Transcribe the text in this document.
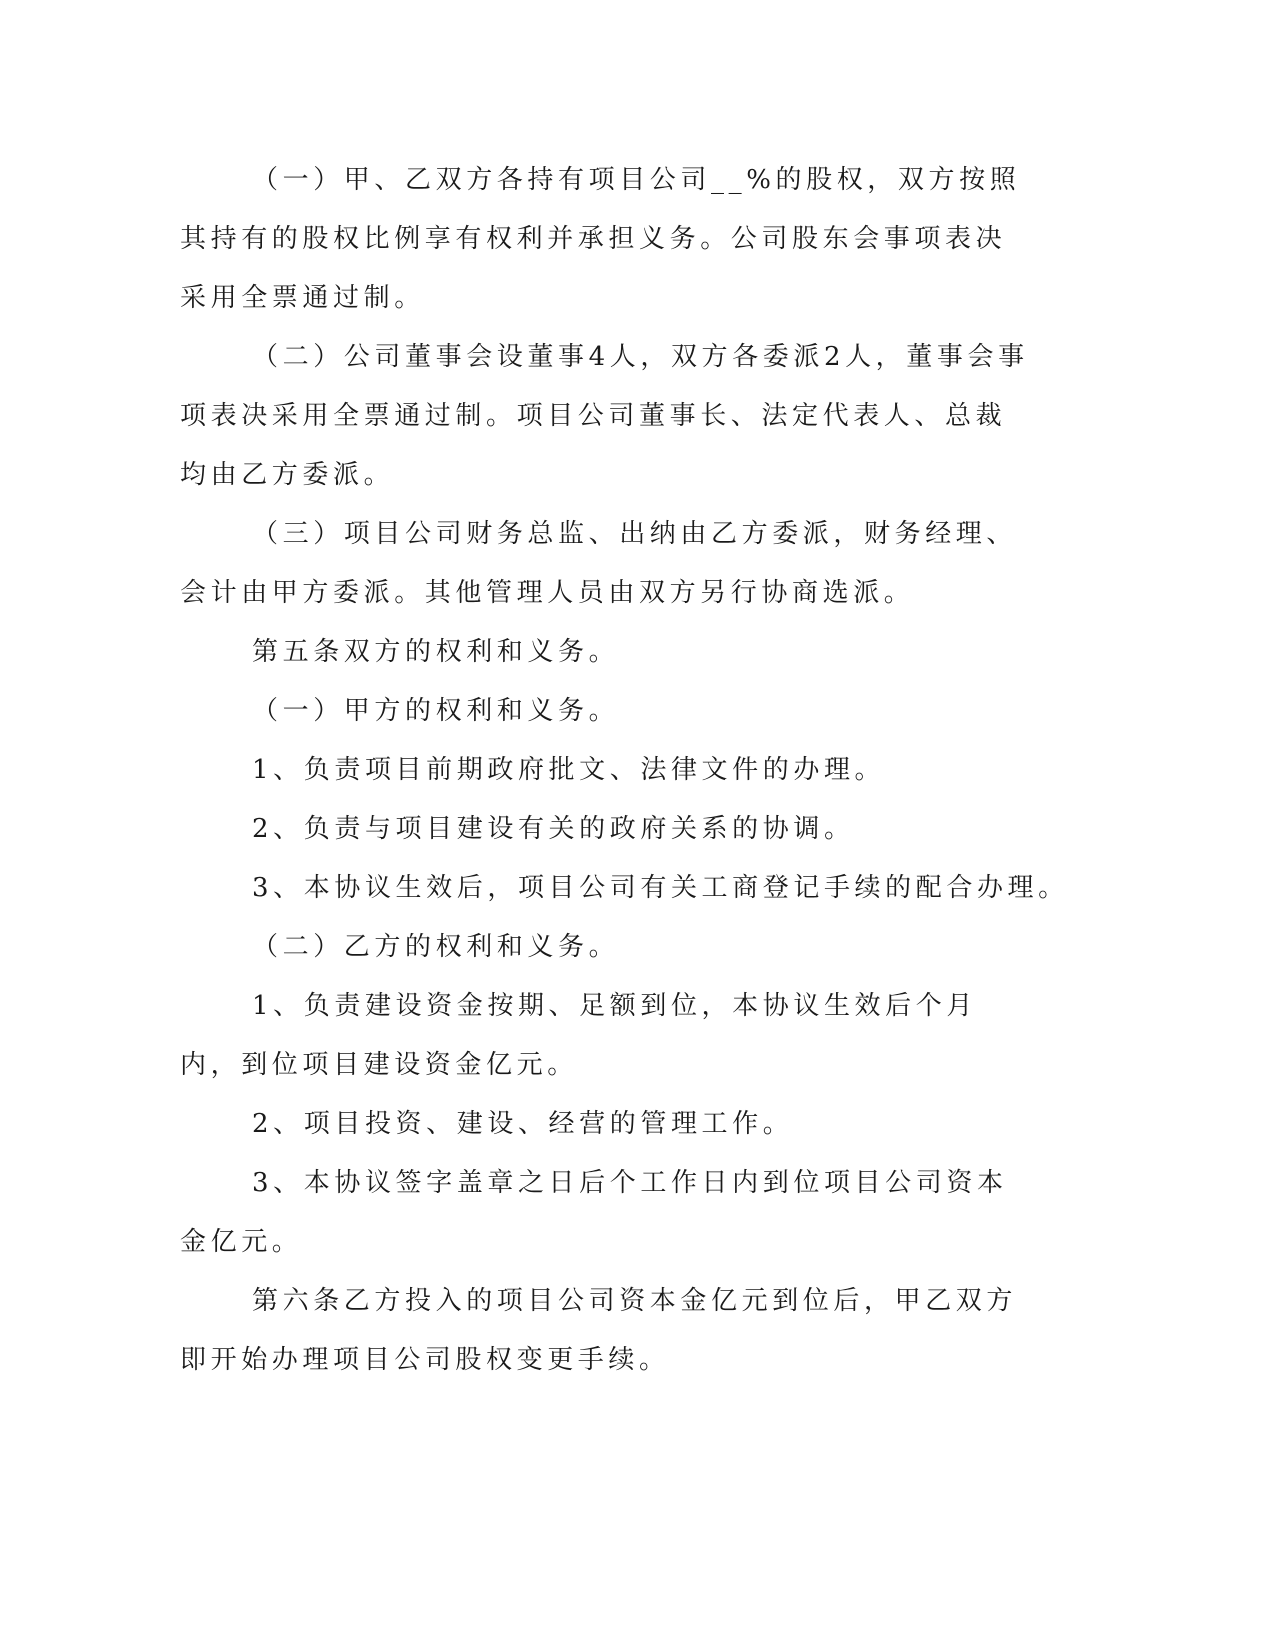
（一）甲、乙双方各持有项目公司__%的股权，双方按照其持有的股权比例享有权利并承担义务。公司股东会事项表决采用全票通过制。

（二）公司董事会设董事4人，双方各委派2人，董事会事项表决采用全票通过制。项目公司董事长、法定代表人、总裁均由乙方委派。

（三）项目公司财务总监、出纳由乙方委派，财务经理、会计由甲方委派。其他管理人员由双方另行协商选派。

第五条双方的权利和义务。

（一）甲方的权利和义务。

1、负责项目前期政府批文、法律文件的办理。

2、负责与项目建设有关的政府关系的协调。

3、本协议生效后，项目公司有关工商登记手续的配合办理。

（二）乙方的权利和义务。

1、负责建设资金按期、足额到位，本协议生效后个月内，到位项目建设资金亿元。

2、项目投资、建设、经营的管理工作。

3、本协议签字盖章之日后个工作日内到位项目公司资本金亿元。

第六条乙方投入的项目公司资本金亿元到位后，甲乙双方即开始办理项目公司股权变更手续。
